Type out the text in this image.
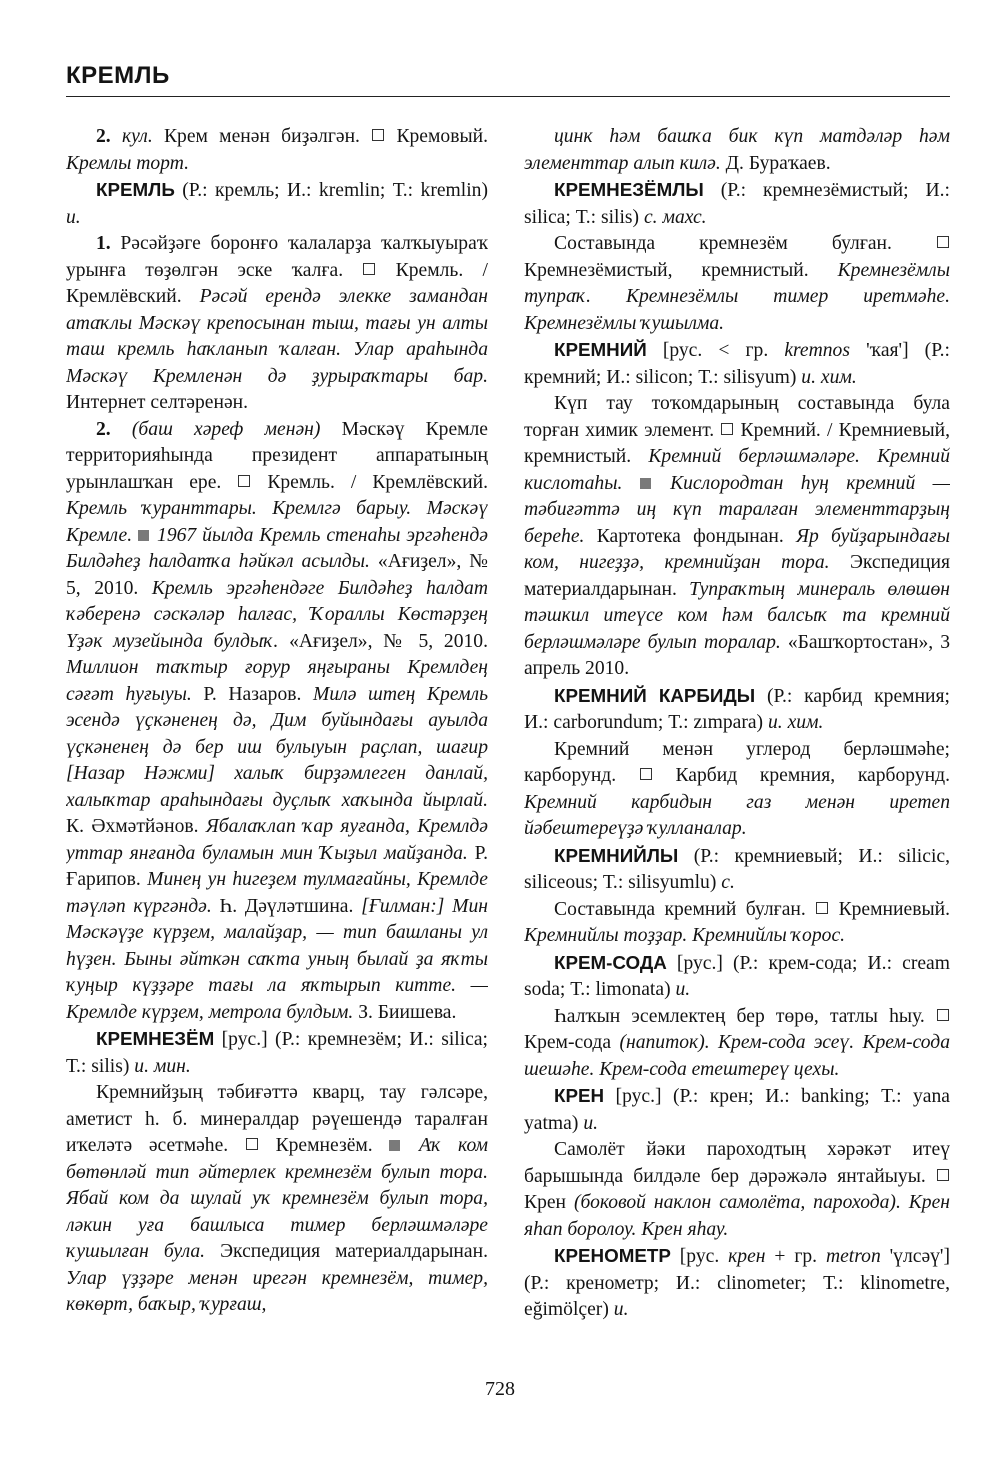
КРЕМЛЬ

2. кул. Крем менән биҙәлгән.  Кремовый. Кремлы торт.

КРЕМЛЬ (Р.: кремль; И.: kremlin; Т.: kremlin) и.

1. Рәсәйҙәге боронғо ҡалаларҙа ҡалҡыуыраҡ урынға төҙөлгән эске ҡалға.  Кремль. / Кремлёвский. Рәсәй ерендә элекке замандан атаҡлы Мәскәү крепосынан тыш, тағы ун алты таш кремль һаҡланып ҡалған. Улар араһында Мәскәү Кремленән дә ҙурыраҡтары бар. Интернет селтәренән.

2. (баш хәреф менән) Мәскәү Кремле территорияһында президент аппаратының урынлашҡан ере.  Кремль. / Кремлёвский. Кремль ҡуранттары. Кремлгә барыу. Мәскәү Кремле. 1967 йылда Кремль стенаһы эргәһендә Билдәһеҙ һалдатҡа һәйкәл асылды. «Ағиҙел», № 5, 2010. Кремль эргәһендәге Билдәһеҙ һалдат ҡәберенә сәскәләр һалғас, Ҡораллы Көстәрҙең Үҙәк музейында булдыҡ. «Ағиҙел», № 5, 2010. Миллион таҡтыр ғорур яңғыраны Кремлдең сәғәт һуғыуы. Р. Назаров. Милә штең Кремль эсендә үҫкәненең дә, Дим буйындағы ауылда үҫкәненең дә бер иш булыуын раҫлап, шағир [Назар Нәжми] халыҡ бирҙәмлеген данлай, халыҡтар араһындағы дуҫлыҡ хаҡында йырлай. К. Әхмәтйәнов. Ябалаҡлап ҡар яуғанда, Кремлдә уттар янғанда буламын мин Ҡыҙыл майҙанда. Р. Ғарипов. Минең ун һигеҙем тулмағайны, Кремлде тәүләп күргәндә. Һ. Дәүләтшина. [Ғилман:] Мин Мәскәүҙе күрҙем, малайҙар, — тип башланы ул һүҙен. Быны әйткән саҡта уның былай ҙа яҡты ҡуңыр күҙҙәре тағы ла яҡтырып китте. — Кремлде күрҙем, метрола булдым. З. Биишева.

КРЕМНЕЗЁМ [рус.] (Р.: кремнезём; И.: silica; Т.: silis) и. мин.

Кремнийҙың тәбиғәттә кварц, тау гәлсәре, аметист һ. б. минералдар рәүешендә таралған иҡеләтә әсетмәһе.  Кремнезём.  Аҡ ком бөтөнләй тип әйтерлек кремнезём булып тора. Ябай ком да шулай уҡ кремнезём булып тора, ләкин уға башлыса тимер берләшмәләре ҡушылған була. Экспедиция материалдарынан. Улар үҙҙәре менән ирегән кремнезём, тимер, көкөрт, баҡыр, ҡурғаш,

цинк һәм башҡа бик күп матдәләр һәм элементтар алып килә. Д. Бураҡаев.

КРЕМНЕЗЁМЛЫ (Р.: кремнезёмистый; И.: silica; Т.: silis) с. махс.

Составында кремнезём булған.  Кремнезёмистый, кремнистый. Кремнезёмлы тупраҡ. Кремнезёмлы тимер иретмәһе. Кремнезёмлы ҡушылма.

КРЕМНИЙ [рус. < гр. kremnos 'ҡая'] (Р.: кремний; И.: silicon; Т.: silisyum) и. хим.

Күп тау тоҡомдарының составында була торған химик элемент.  Кремний. / Кремниевый, кремнистый. Кремний берләшмәләре. Кремний кислотаһы. Кислородтан һуң кремний — тәбиғәттә иң күп таралған элементтарҙың береһе. Картотека фондынан. Яр буйҙарындағы ком, нигеҙҙә, кремнийҙан тора. Экспедиция материалдарынан. Тупраҡтың минераль өлөшөн тәшкил итеүсе ком һәм балсыҡ та кремний берләшмәләре булып торалар. «Башҡортостан», 3 апрель 2010.

КРЕМНИЙ КАРБИДЫ (Р.: карбид кремния; И.: carborundum; Т.: zımpara) и. хим.

Кремний менән углерод берләшмәһе; карборунд.  Карбид кремния, карборунд. Кремний карбидын газ менән иретеп йәбештереүҙә ҡулланалар.

КРЕМНИЙЛЫ (Р.: кремниевый; И.: silicic, siliceous; Т.: silisyumlu) с.

Составында кремний булған.  Кремниевый. Кремнийлы тоҙҙар. Кремнийлы ҡорос.

КРЕМ-СОДА [рус.] (Р.: крем-сода; И.: cream soda; Т.: limonata) и.

Һалҡын эсемлектең бер төрө, татлы һыу.  Крем-сода (напиток). Крем-сода эсеү. Крем-сода шешәһе. Крем-сода етештереү цехы.

КРЕН [рус.] (Р.: крен; И.: banking; Т.: yana yatma) и.

Самолёт йәки пароходтың хәрәкәт итеү барышында билдәле бер дәрәжәлә янтайыуы.  Крен (боковой наклон самолёта, парохода). Крен яһап боролоу. Крен яһау.

КРЕНОМЕТР [рус. крен + гр. metron 'үлсәү'] (Р.: кренометр; И.: clinometer; Т.: klinometre, eğimölçer) и.

728
